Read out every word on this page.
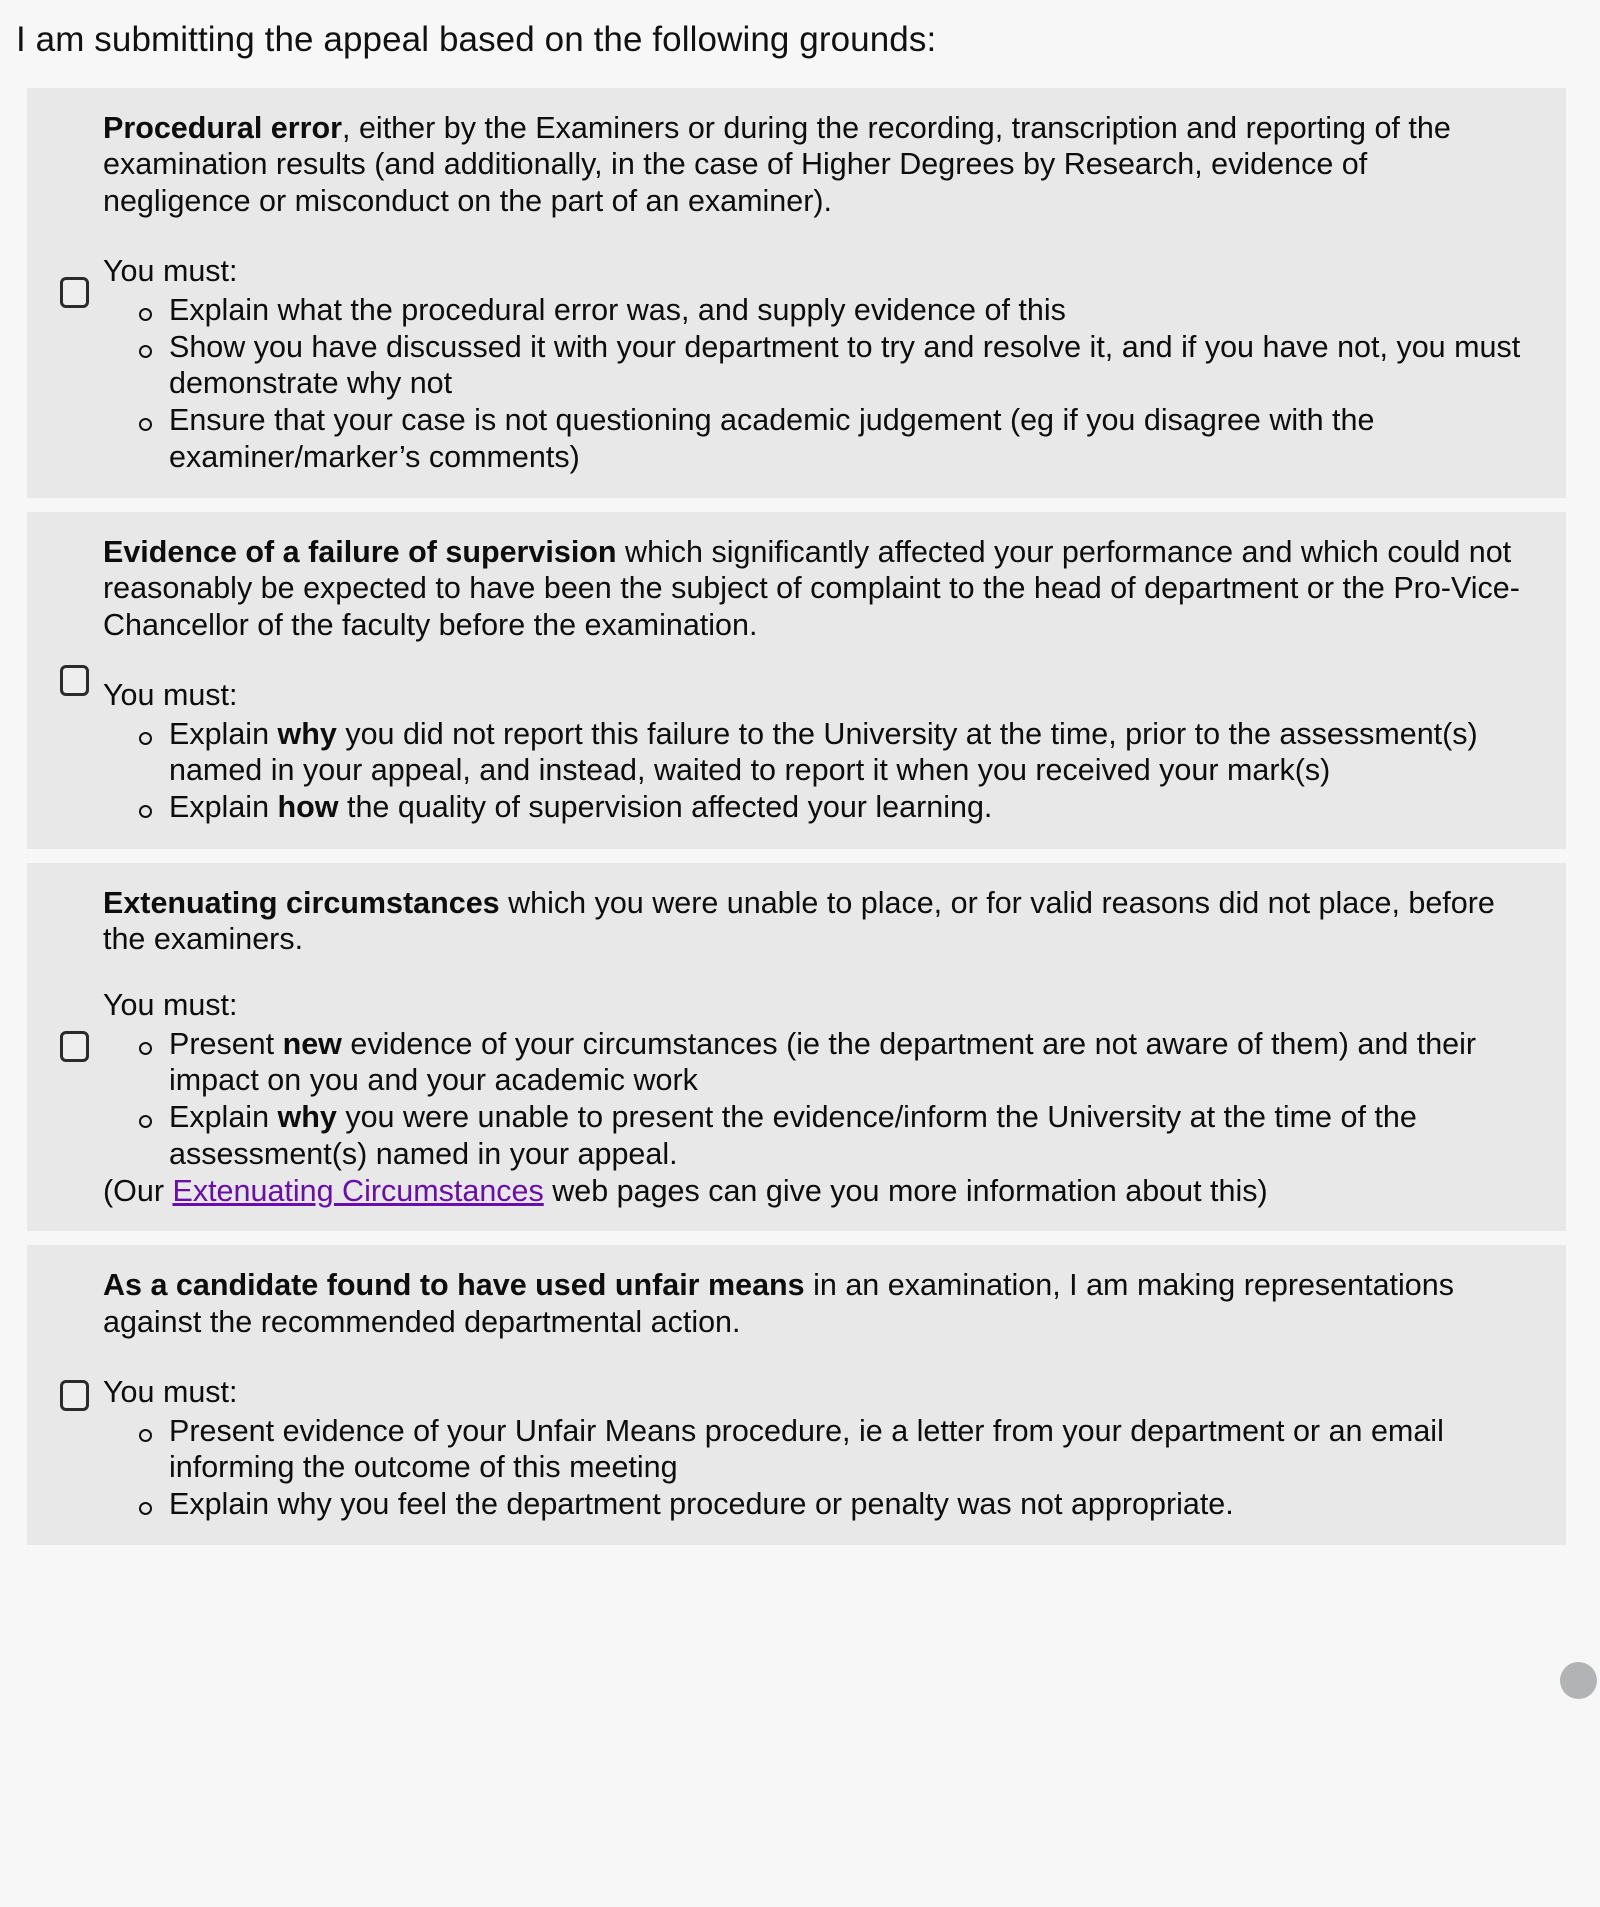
I am submitting the appeal based on the following grounds:

Procedural error, either by the Examiners or during the recording, transcription and reporting of the examination results (and additionally, in the case of Higher Degrees by Research, evidence of negligence or misconduct on the part of an examiner).

You must:

Explain what the procedural error was, and supply evidence of this
Show you have discussed it with your department to try and resolve it, and if you have not, you must demonstrate why not
Ensure that your case is not questioning academic judgement (eg if you disagree with the examiner/marker’s comments)

Evidence of a failure of supervision which significantly affected your performance and which could not reasonably be expected to have been the subject of complaint to the head of department or the Pro-Vice-Chancellor of the faculty before the examination.

You must:

Explain why you did not report this failure to the University at the time, prior to the assessment(s) named in your appeal, and instead, waited to report it when you received your mark(s)
Explain how the quality of supervision affected your learning.

Extenuating circumstances which you were unable to place, or for valid reasons did not place, before the examiners.

You must:

Present new evidence of your circumstances (ie the department are not aware of them) and their impact on you and your academic work
Explain why you were unable to present the evidence/inform the University at the time of the assessment(s) named in your appeal.

(Our Extenuating Circumstances web pages can give you more information about this)

As a candidate found to have used unfair means in an examination, I am making representations against the recommended departmental action.

You must:

Present evidence of your Unfair Means procedure, ie a letter from your department or an email informing the outcome of this meeting
Explain why you feel the department procedure or penalty was not appropriate.
